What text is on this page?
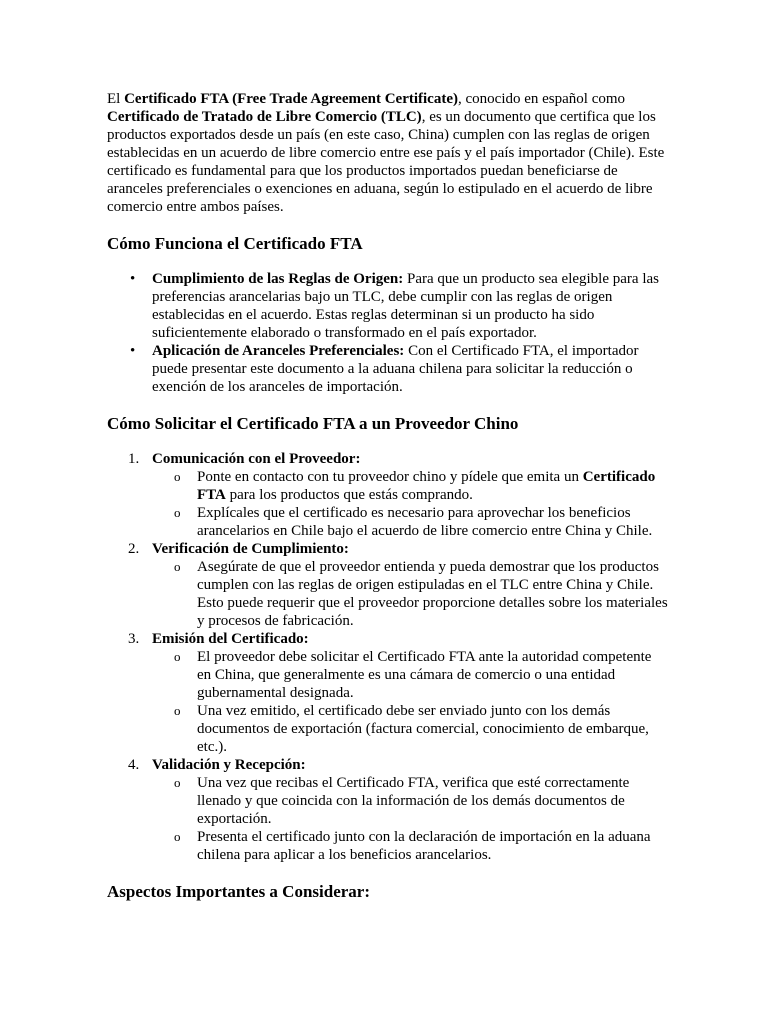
El Certificado FTA (Free Trade Agreement Certificate), conocido en español como Certificado de Tratado de Libre Comercio (TLC), es un documento que certifica que los productos exportados desde un país (en este caso, China) cumplen con las reglas de origen establecidas en un acuerdo de libre comercio entre ese país y el país importador (Chile). Este certificado es fundamental para que los productos importados puedan beneficiarse de aranceles preferenciales o exenciones en aduana, según lo estipulado en el acuerdo de libre comercio entre ambos países.

Cómo Funciona el Certificado FTA
• Cumplimiento de las Reglas de Origen: Para que un producto sea elegible para las preferencias arancelarias bajo un TLC, debe cumplir con las reglas de origen establecidas en el acuerdo. Estas reglas determinan si un producto ha sido suficientemente elaborado o transformado en el país exportador.
• Aplicación de Aranceles Preferenciales: Con el Certificado FTA, el importador puede presentar este documento a la aduana chilena para solicitar la reducción o exención de los aranceles de importación.
Cómo Solicitar el Certificado FTA a un Proveedor Chino
1. Comunicación con el Proveedor:
o Ponte en contacto con tu proveedor chino y pídele que emita un Certificado FTA para los productos que estás comprando.
o Explícales que el certificado es necesario para aprovechar los beneficios arancelarios en Chile bajo el acuerdo de libre comercio entre China y Chile.
2. Verificación de Cumplimiento:
o Asegúrate de que el proveedor entienda y pueda demostrar que los productos cumplen con las reglas de origen estipuladas en el TLC entre China y Chile. Esto puede requerir que el proveedor proporcione detalles sobre los materiales y procesos de fabricación.
3. Emisión del Certificado:
o El proveedor debe solicitar el Certificado FTA ante la autoridad competente en China, que generalmente es una cámara de comercio o una entidad gubernamental designada.
o Una vez emitido, el certificado debe ser enviado junto con los demás documentos de exportación (factura comercial, conocimiento de embarque, etc.).
4. Validación y Recepción:
o Una vez que recibas el Certificado FTA, verifica que esté correctamente llenado y que coincida con la información de los demás documentos de exportación.
o Presenta el certificado junto con la declaración de importación en la aduana chilena para aplicar a los beneficios arancelarios.
Aspectos Importantes a Considerar:
